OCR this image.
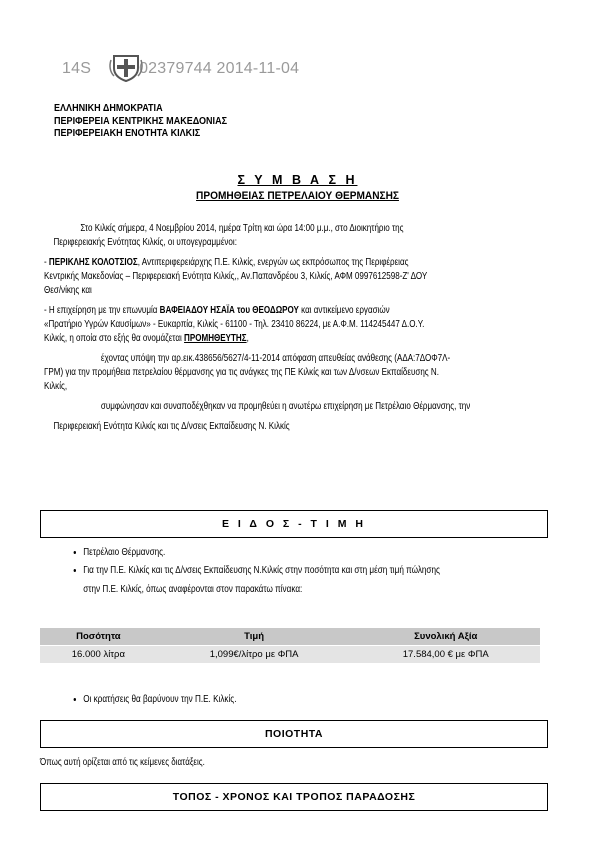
14S	02379744 2014-11-04
ΕΛΛΗΝΙΚΗ ΔΗΜΟΚΡΑΤΙΑ
ΠΕΡΙΦΕΡΕΙΑ ΚΕΝΤΡΙΚΗΣ ΜΑΚΕΔΟΝΙΑΣ
ΠΕΡΙΦΕΡΕΙΑΚΗ ΕΝΟΤΗΤΑ ΚΙΛΚΙΣ
Σ Υ Μ Β Α Σ Η
ΠΡΟΜΗΘΕΙΑΣ ΠΕΤΡΕΛΑΙΟΥ ΘΕΡΜΑΝΣΗΣ

Στο Κιλκίς σήμερα, 4 Νοεμβρίου 2014, ημέρα Τρίτη και ώρα 14:00 μ.μ., στο Διοικητήριο της

Περιφερειακής Ενότητας Κιλκίς, οι υπογεγραμμένοι:

- ΠΕΡΙΚΛΗΣ ΚΟΛΟΤΣΙΟΣ, Αντιπεριφερειάρχης Π.Ε. Κιλκίς, ενεργών ως εκπρόσωπος της Περιφέρειας

Κεντρικής Μακεδονίας – Περιφερειακή Ενότητα Κιλκίς,, Αν.Παπανδρέου 3, Κιλκίς, ΑΦΜ 0997612598-Ζ' ΔΟΥ

Θεσ/νίκης και

- Η επιχείρηση με την επωνυμία ΒΑΦΕΙΑΔΟΥ ΗΣΑΪΑ του ΘΕΟΔΩΡΟΥ και αντικείμενο εργασιών

«Πρατήριο Υγρών Καυσίμων» - Ευκαρπία, Κιλκίς - 61100 - Τηλ. 23410 86224, με Α.Φ.Μ. 114245447 Δ.Ο.Υ.

Κιλκίς, η οποία στο εξής θα ονομάζεται ΠΡΟΜΗΘΕΥΤΗΣ,

έχοντας υπόψη την αρ.εικ.438656/5627/4-11-2014 απόφαση απευθείας ανάθεσης (ΑΔΑ:7ΔΟΦ7Λ-

ΓΡΜ) για την προμήθεια πετρελαίου θέρμανσης για τις ανάγκες της ΠΕ Κιλκίς και των Δ/νσεων Εκπαίδευσης Ν.

Κιλκίς,

συμφώνησαν και συναποδέχθηκαν να προμηθεύει η ανωτέρω επιχείρηση με Πετρέλαιο Θέρμανσης, την

Περιφερειακή Ενότητα Κιλκίς και τις Δ/νσεις Εκπαίδευσης Ν. Κιλκίς

Ε Ι Δ Ο Σ - Τ Ι Μ Η
• Πετρέλαιο Θέρμανσης.
• Για την Π.Ε. Κιλκίς και τις Δ/νσεις Εκπαίδευσης Ν.Κιλκίς στην ποσότητα και στη μέση τιμή πώλησης
στην Π.Ε. Κιλκίς, όπως αναφέρονται στον παρακάτω πίνακα:
Ποσότητα	Τιμή	Συνολική Αξία
16.000 λίτρα	1,099€/λίτρο με ΦΠΑ	17.584,00 € με ΦΠΑ
• Οι κρατήσεις θα βαρύνουν την Π.Ε. Κιλκίς.
ΠΟΙΟΤΗΤΑ
Όπως αυτή ορίζεται από τις κείμενες διατάξεις.
ΤΟΠΟΣ - ΧΡΟΝΟΣ ΚΑΙ ΤΡΟΠΟΣ ΠΑΡΑΔΟΣΗΣ
